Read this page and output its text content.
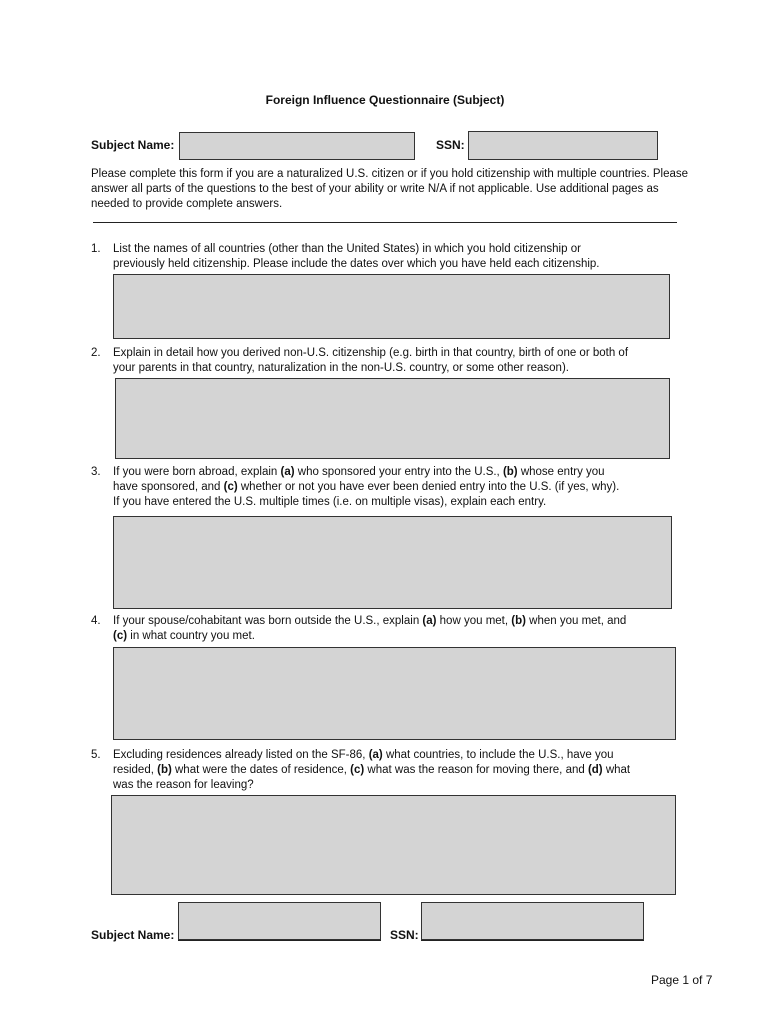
Foreign Influence Questionnaire (Subject)
Subject Name:	SSN:
Please complete this form if you are a naturalized U.S. citizen or if you hold citizenship with multiple countries. Please answer all parts of the questions to the best of your ability or write N/A if not applicable. Use additional pages as needed to provide complete answers.
1.	List the names of all countries (other than the United States) in which you hold citizenship or
previously held citizenship. Please include the dates over which you have held each citizenship.
2.	Explain in detail how you derived non-U.S. citizenship (e.g. birth in that country, birth of one or both of
your parents in that country, naturalization in the non-U.S. country, or some other reason).
3.	If you were born abroad, explain (a) who sponsored your entry into the U.S., (b) whose entry you
have sponsored, and (c) whether or not you have ever been denied entry into the U.S. (if yes, why).
If you have entered the U.S. multiple times (i.e. on multiple visas), explain each entry.
4.	If your spouse/cohabitant was born outside the U.S., explain (a) how you met, (b) when you met, and
(c) in what country you met.
5.	Excluding residences already listed on the SF-86, (a) what countries, to include the U.S., have you
resided, (b) what were the dates of residence, (c) what was the reason for moving there, and (d) what
was the reason for leaving?
Subject Name:	SSN:
Page 1 of 7
